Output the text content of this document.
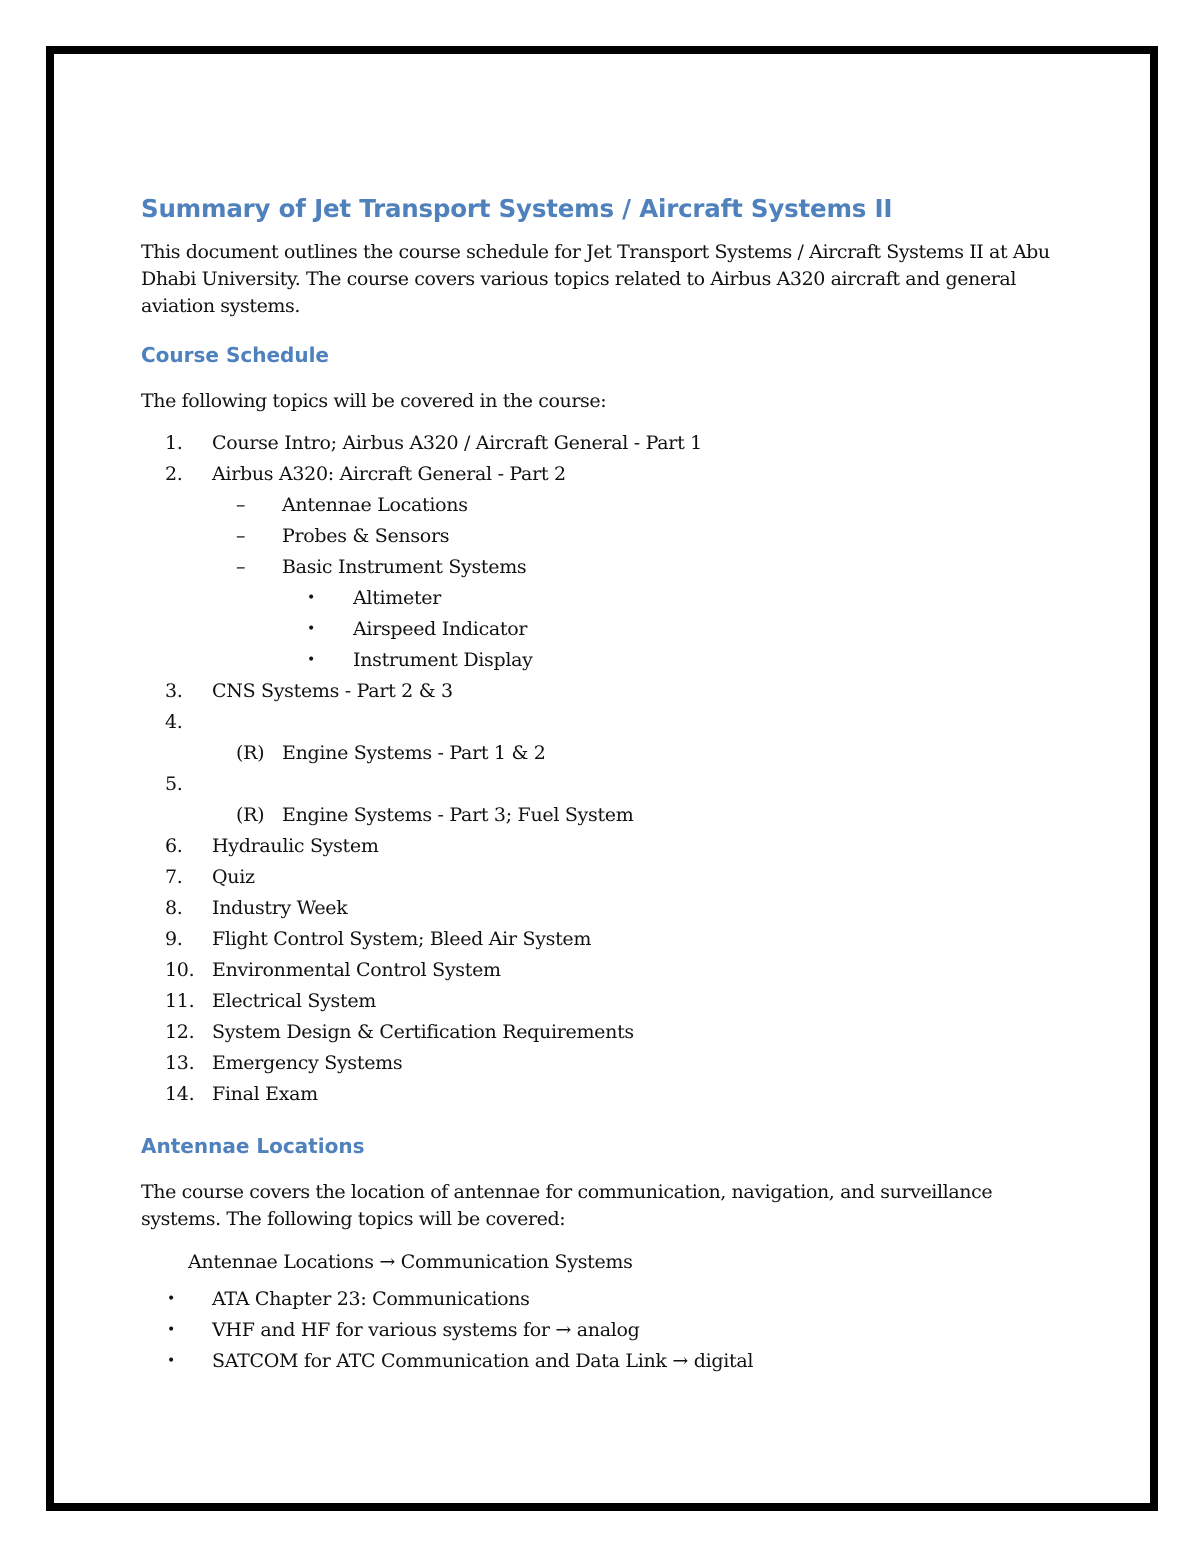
Summary of Jet Transport Systems / Aircraft Systems II

This document outlines the course schedule for Jet Transport Systems / Aircraft Systems II at Abu Dhabi University. The course covers various topics related to Airbus A320 aircraft and general aviation systems.

Course Schedule

The following topics will be covered in the course:

1. Course Intro; Airbus A320 / Aircraft General - Part 1
2. Airbus A320: Aircraft General - Part 2
– Antennae Locations
– Probes & Sensors
– Basic Instrument Systems
• Altimeter
• Airspeed Indicator
• Instrument Display
3. CNS Systems - Part 2 & 3
4.
(R) Engine Systems - Part 1 & 2
5.
(R) Engine Systems - Part 3; Fuel System
6. Hydraulic System
7. Quiz
8. Industry Week
9. Flight Control System; Bleed Air System
10. Environmental Control System
11. Electrical System
12. System Design & Certification Requirements
13. Emergency Systems
14. Final Exam
Antennae Locations

The course covers the location of antennae for communication, navigation, and surveillance systems. The following topics will be covered:

Antennae Locations → Communication Systems
• ATA Chapter 23: Communications
• VHF and HF for various systems for → analog
• SATCOM for ATC Communication and Data Link → digital
